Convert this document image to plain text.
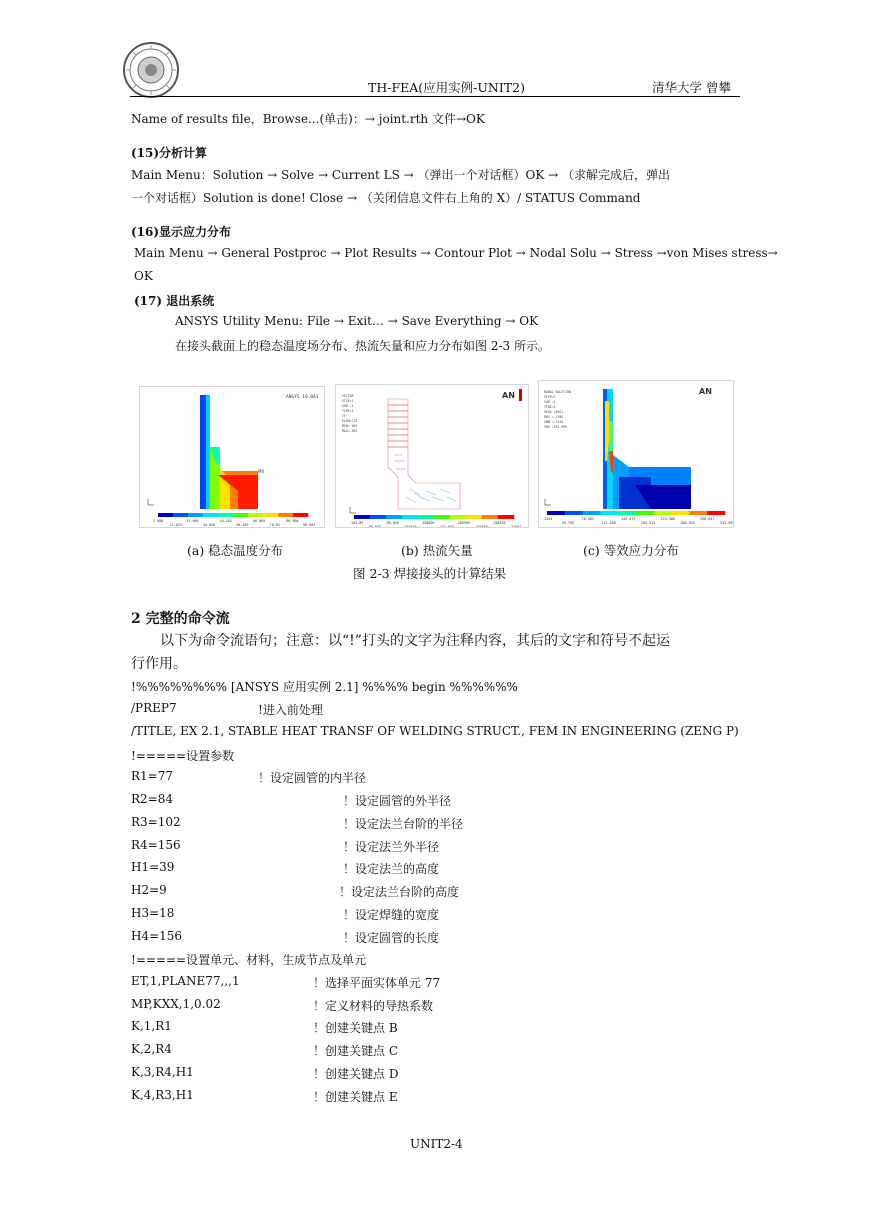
TH-FEA(应用实例-UNIT2)	清华大学 曾攀
Name of results file，Browse...(单击)：→ joint.rth 文件→OK
(15)分析计算
Main Menu：Solution → Solve → Current LS → （弹出一个对话框）OK → （求解完成后，弹出
一个对话框）Solution is done! Close → （关闭信息文件右上角的 X）/ STATUS Command
(16)显示应力分布
Main Menu → General Postproc → Plot Results → Contour Plot → Nodal Solu → Stress →von Mises stress→
OK
(17) 退出系统
ANSYS Utility Menu: File → Exit… → Save Everything → OK
在接头截面上的稳态温度场分布、热流矢量和应力分布如图 2-3 所示。
ANSYS 10.0A1
MX
1.000
11.023
21.046
34.058
44.101
56.045
66.069
76.01
88.904
98.903
VECTOR
STEP=1
SUB =1
TIME=1
TF
ELEM=112
MIN=.001
MAX=.001
AN
-103.89
-86.035
-69.849
-130156
-150096
-171.055
-205599
-184856
-198330
-21591
NODAL SOLUTION
STEP=1
SUB =1
TIME=1
SEQV (AVG)
DMX =.118E
SMN =.1344
SMX =333.999
AN
.1344
59.795
78.363
111.038
149.675
185.513
223.986
260.923
296.017
333.999
(a) 稳态温度分布	(b) 热流矢量	(c) 等效应力分布
图 2-3 焊接接头的计算结果
2 完整的命令流
以下为命令流语句；注意：以“!”打头的文字为注释内容，其后的文字和符号不起运
行作用。
!%%%%%%%% [ANSYS 应用实例 2.1] %%%% begin %%%%%%
/PREP7	!进入前处理
/TITLE, EX 2.1, STABLE HEAT TRANSF OF WELDING STRUCT., FEM IN ENGINEERING (ZENG P)
!=====设置参数
R1=77	！设定圆管的内半径
R2=84	！设定圆管的外半径
R3=102	！设定法兰台阶的半径
R4=156	！设定法兰外半径
H1=39	！设定法兰的高度
H2=9	！设定法兰台阶的高度
H3=18	！设定焊缝的宽度
H4=156	！设定圆管的长度
!=====设置单元、材料，生成节点及单元
ET,1,PLANE77,,,1	！选择平面实体单元 77
MP,KXX,1,0.02	！定义材料的导热系数
K,1,R1	！创建关键点 B
K,2,R4	！创建关键点 C
K,3,R4,H1	！创建关键点 D
K,4,R3,H1	！创建关键点 E
UNIT2-4
